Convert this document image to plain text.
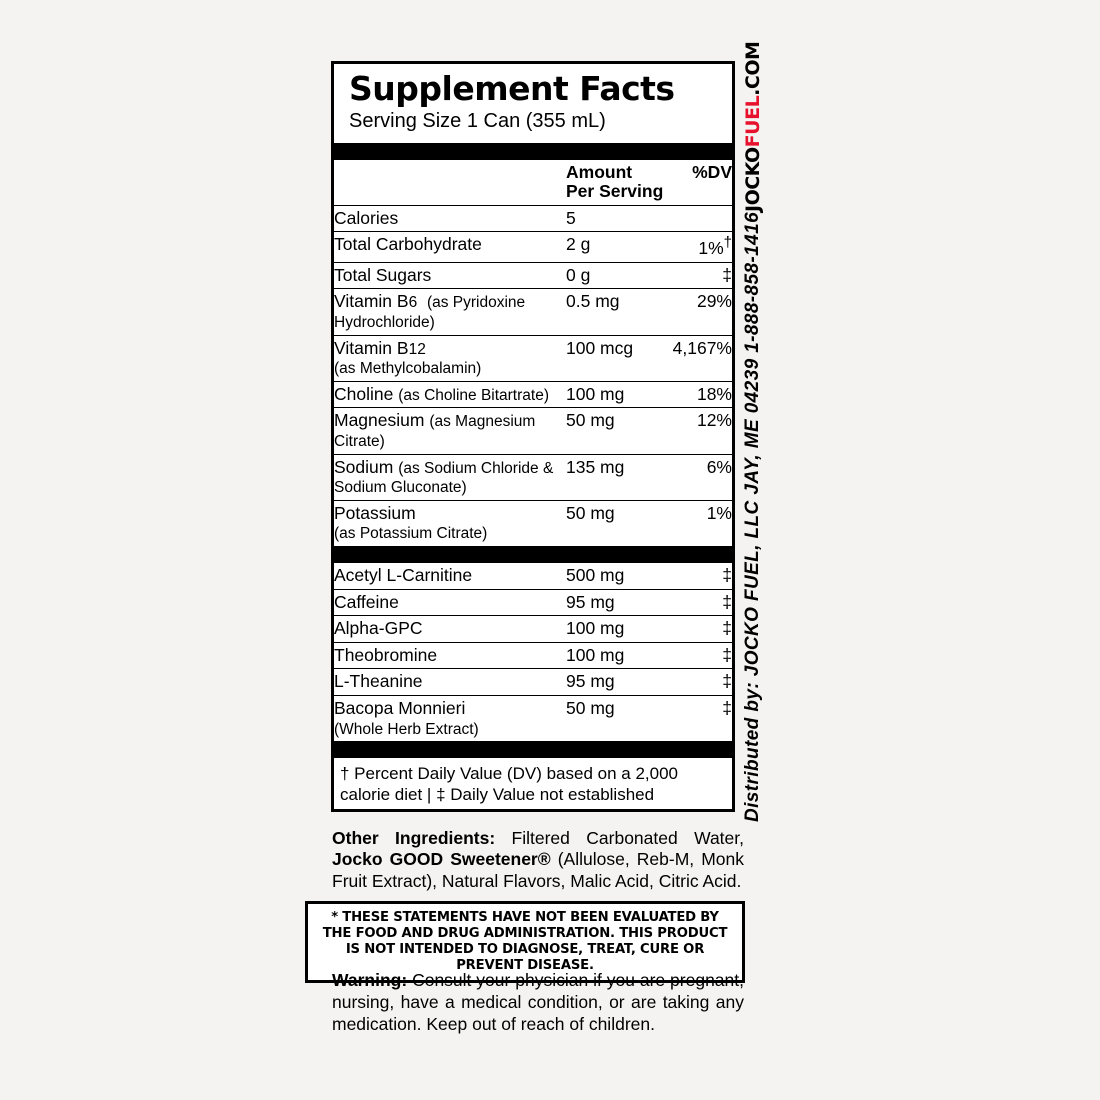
Supplement Facts
Serving Size 1 Can (355 mL)
	Amount Per Serving	%DV
Calories	5	
Total Carbohydrate	2 g	1%†
Total Sugars	0 g	‡
Vitamin B6 (as Pyridoxine Hydrochloride)	0.5 mg	29%
Vitamin B12
(as Methylcobalamin)	100 mcg	4,167%
Choline (as Choline Bitartrate)	100 mg	18%
Magnesium (as Magnesium Citrate)	50 mg	12%
Sodium (as Sodium Chloride & Sodium Gluconate)	135 mg	6%
Potassium
(as Potassium Citrate)	50 mg	1%
Acetyl L-Carnitine	500 mg	‡
Caffeine	95 mg	‡
Alpha-GPC	100 mg	‡
Theobromine	100 mg	‡
L-Theanine	95 mg	‡
Bacopa Monnieri
(Whole Herb Extract)	50 mg	‡
† Percent Daily Value (DV) based on a 2,000 calorie diet | ‡ Daily Value not established	Distributed by: JOCKO FUEL, LLC JAY, ME 04239 1-888-858-1416
JOCKOFUEL.COM
Other Ingredients: Filtered Carbonated Water, Jocko GOOD Sweetener® (Allulose, Reb-M, Monk Fruit Extract), Natural Flavors, Malic Acid, Citric Acid.
* THESE STATEMENTS HAVE NOT BEEN EVALUATED BY THE FOOD AND DRUG ADMINISTRATION. THIS PRODUCT IS NOT INTENDED TO DIAGNOSE, TREAT, CURE OR PREVENT DISEASE.
Warning: Consult your physician if you are pregnant, nursing, have a medical condition, or are taking any medication. Keep out of reach of children.
